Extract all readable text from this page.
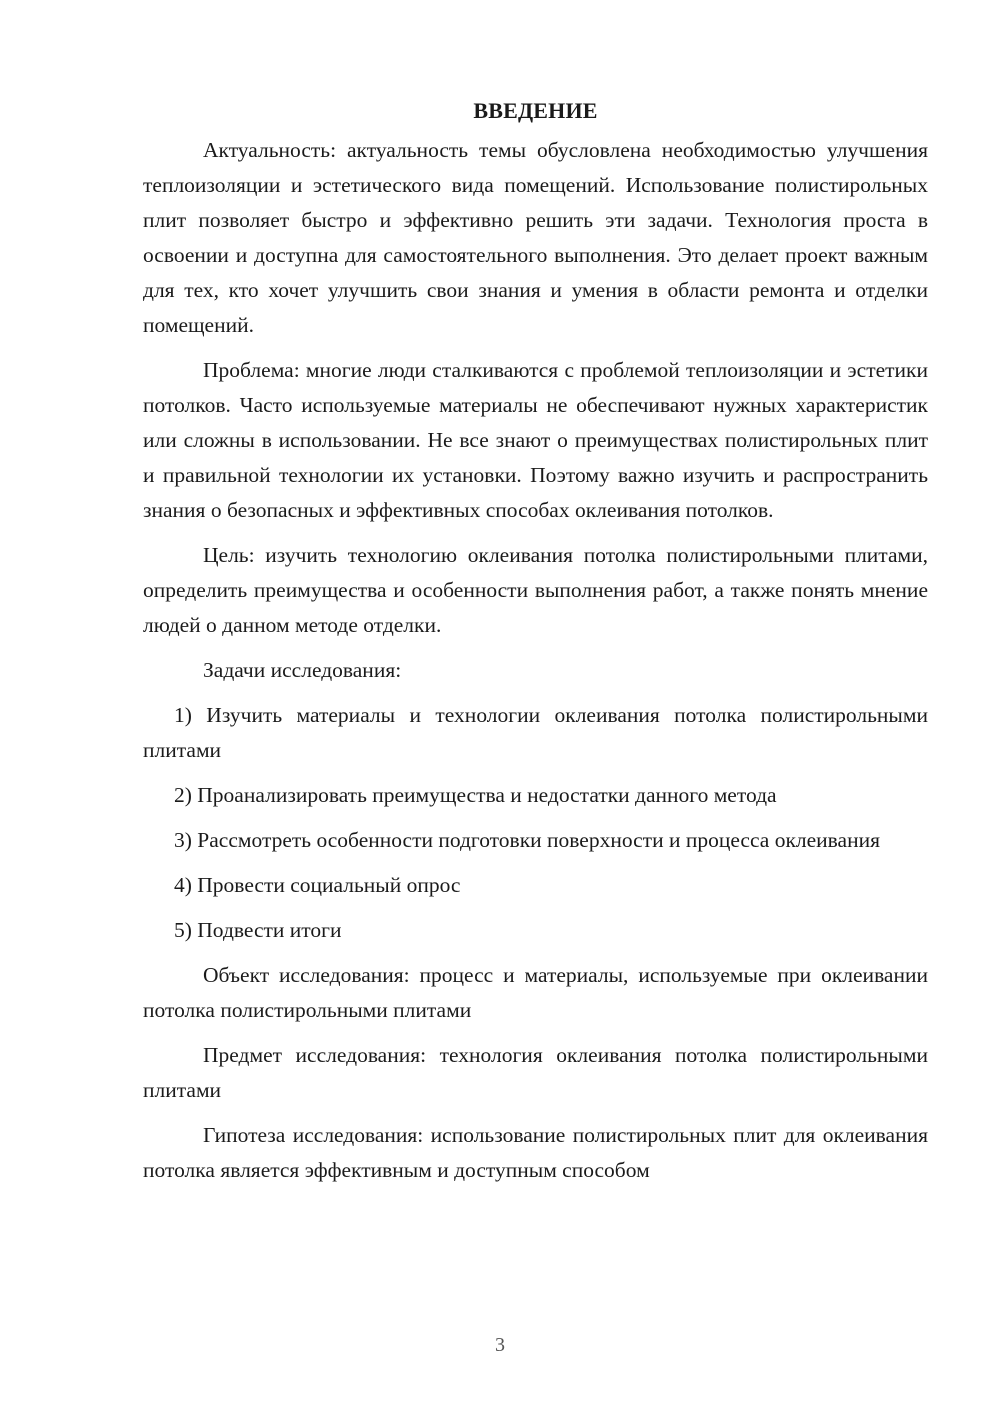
ВВЕДЕНИЕ

Актуальность: актуальность темы обусловлена необходимостью улучшения теплоизоляции и эстетического вида помещений. Использование полистирольных плит позволяет быстро и эффективно решить эти задачи. Технология проста в освоении и доступна для самостоятельного выполнения. Это делает проект важным для тех, кто хочет улучшить свои знания и умения в области ремонта и отделки помещений.

Проблема: многие люди сталкиваются с проблемой теплоизоляции и эстетики потолков. Часто используемые материалы не обеспечивают нужных характеристик или сложны в использовании. Не все знают о преимуществах полистирольных плит и правильной технологии их установки. Поэтому важно изучить и распространить знания о безопасных и эффективных способах оклеивания потолков.

Цель: изучить технологию оклеивания потолка полистирольными плитами, определить преимущества и особенности выполнения работ, а также понять мнение людей о данном методе отделки.

Задачи исследования:

1) Изучить материалы и технологии оклеивания потолка полистирольными плитами

2) Проанализировать преимущества и недостатки данного метода

3) Рассмотреть особенности подготовки поверхности и процесса оклеивания

4) Провести социальный опрос

5) Подвести итоги

Объект исследования: процесс и материалы, используемые при оклеивании потолка полистирольными плитами

Предмет исследования: технология оклеивания потолка полистирольными плитами

Гипотеза исследования: использование полистирольных плит для оклеивания потолка является эффективным и доступным способом

3
